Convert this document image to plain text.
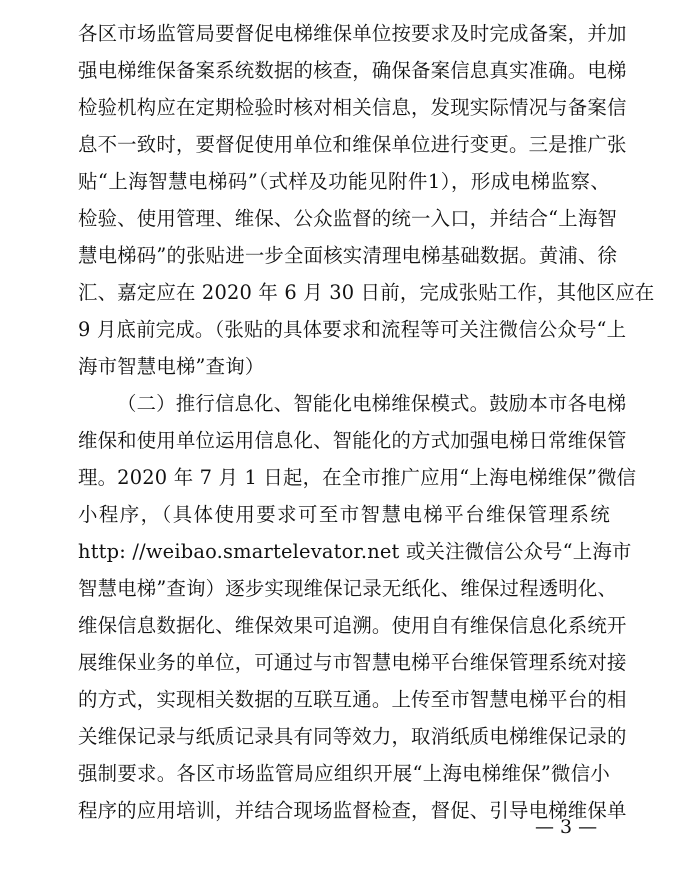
各区市场监管局要督促电梯维保单位按要求及时完成备案，并加
强电梯维保备案系统数据的核查，确保备案信息真实准确。电梯
检验机构应在定期检验时核对相关信息，发现实际情况与备案信
息不一致时，要督促使用单位和维保单位进行变更。三是推广张
贴“上海智慧电梯码”（式样及功能见附件1），形成电梯监察、
检验、使用管理、维保、公众监督的统一入口，并结合“上海智
慧电梯码”的张贴进一步全面核实清理电梯基础数据。黄浦、徐
汇、嘉定应在 2020 年 6 月 30 日前，完成张贴工作，其他区应在
9 月底前完成。（张贴的具体要求和流程等可关注微信公众号“上
海市智慧电梯”查询）
（二）推行信息化、智能化电梯维保模式。鼓励本市各电梯
维保和使用单位运用信息化、智能化的方式加强电梯日常维保管
理。2020 年 7 月 1 日起，在全市推广应用“上海电梯维保”微信
小程序，（具体使用要求可至市智慧电梯平台维保管理系统
http: //weibao.smartelevator.net 或关注微信公众号“上海市
智慧电梯”查询）逐步实现维保记录无纸化、维保过程透明化、
维保信息数据化、维保效果可追溯。使用自有维保信息化系统开
展维保业务的单位，可通过与市智慧电梯平台维保管理系统对接
的方式，实现相关数据的互联互通。上传至市智慧电梯平台的相
关维保记录与纸质记录具有同等效力，取消纸质电梯维保记录的
强制要求。各区市场监管局应组织开展“上海电梯维保”微信小
程序的应用培训，并结合现场监督检查，督促、引导电梯维保单
— 3 —
